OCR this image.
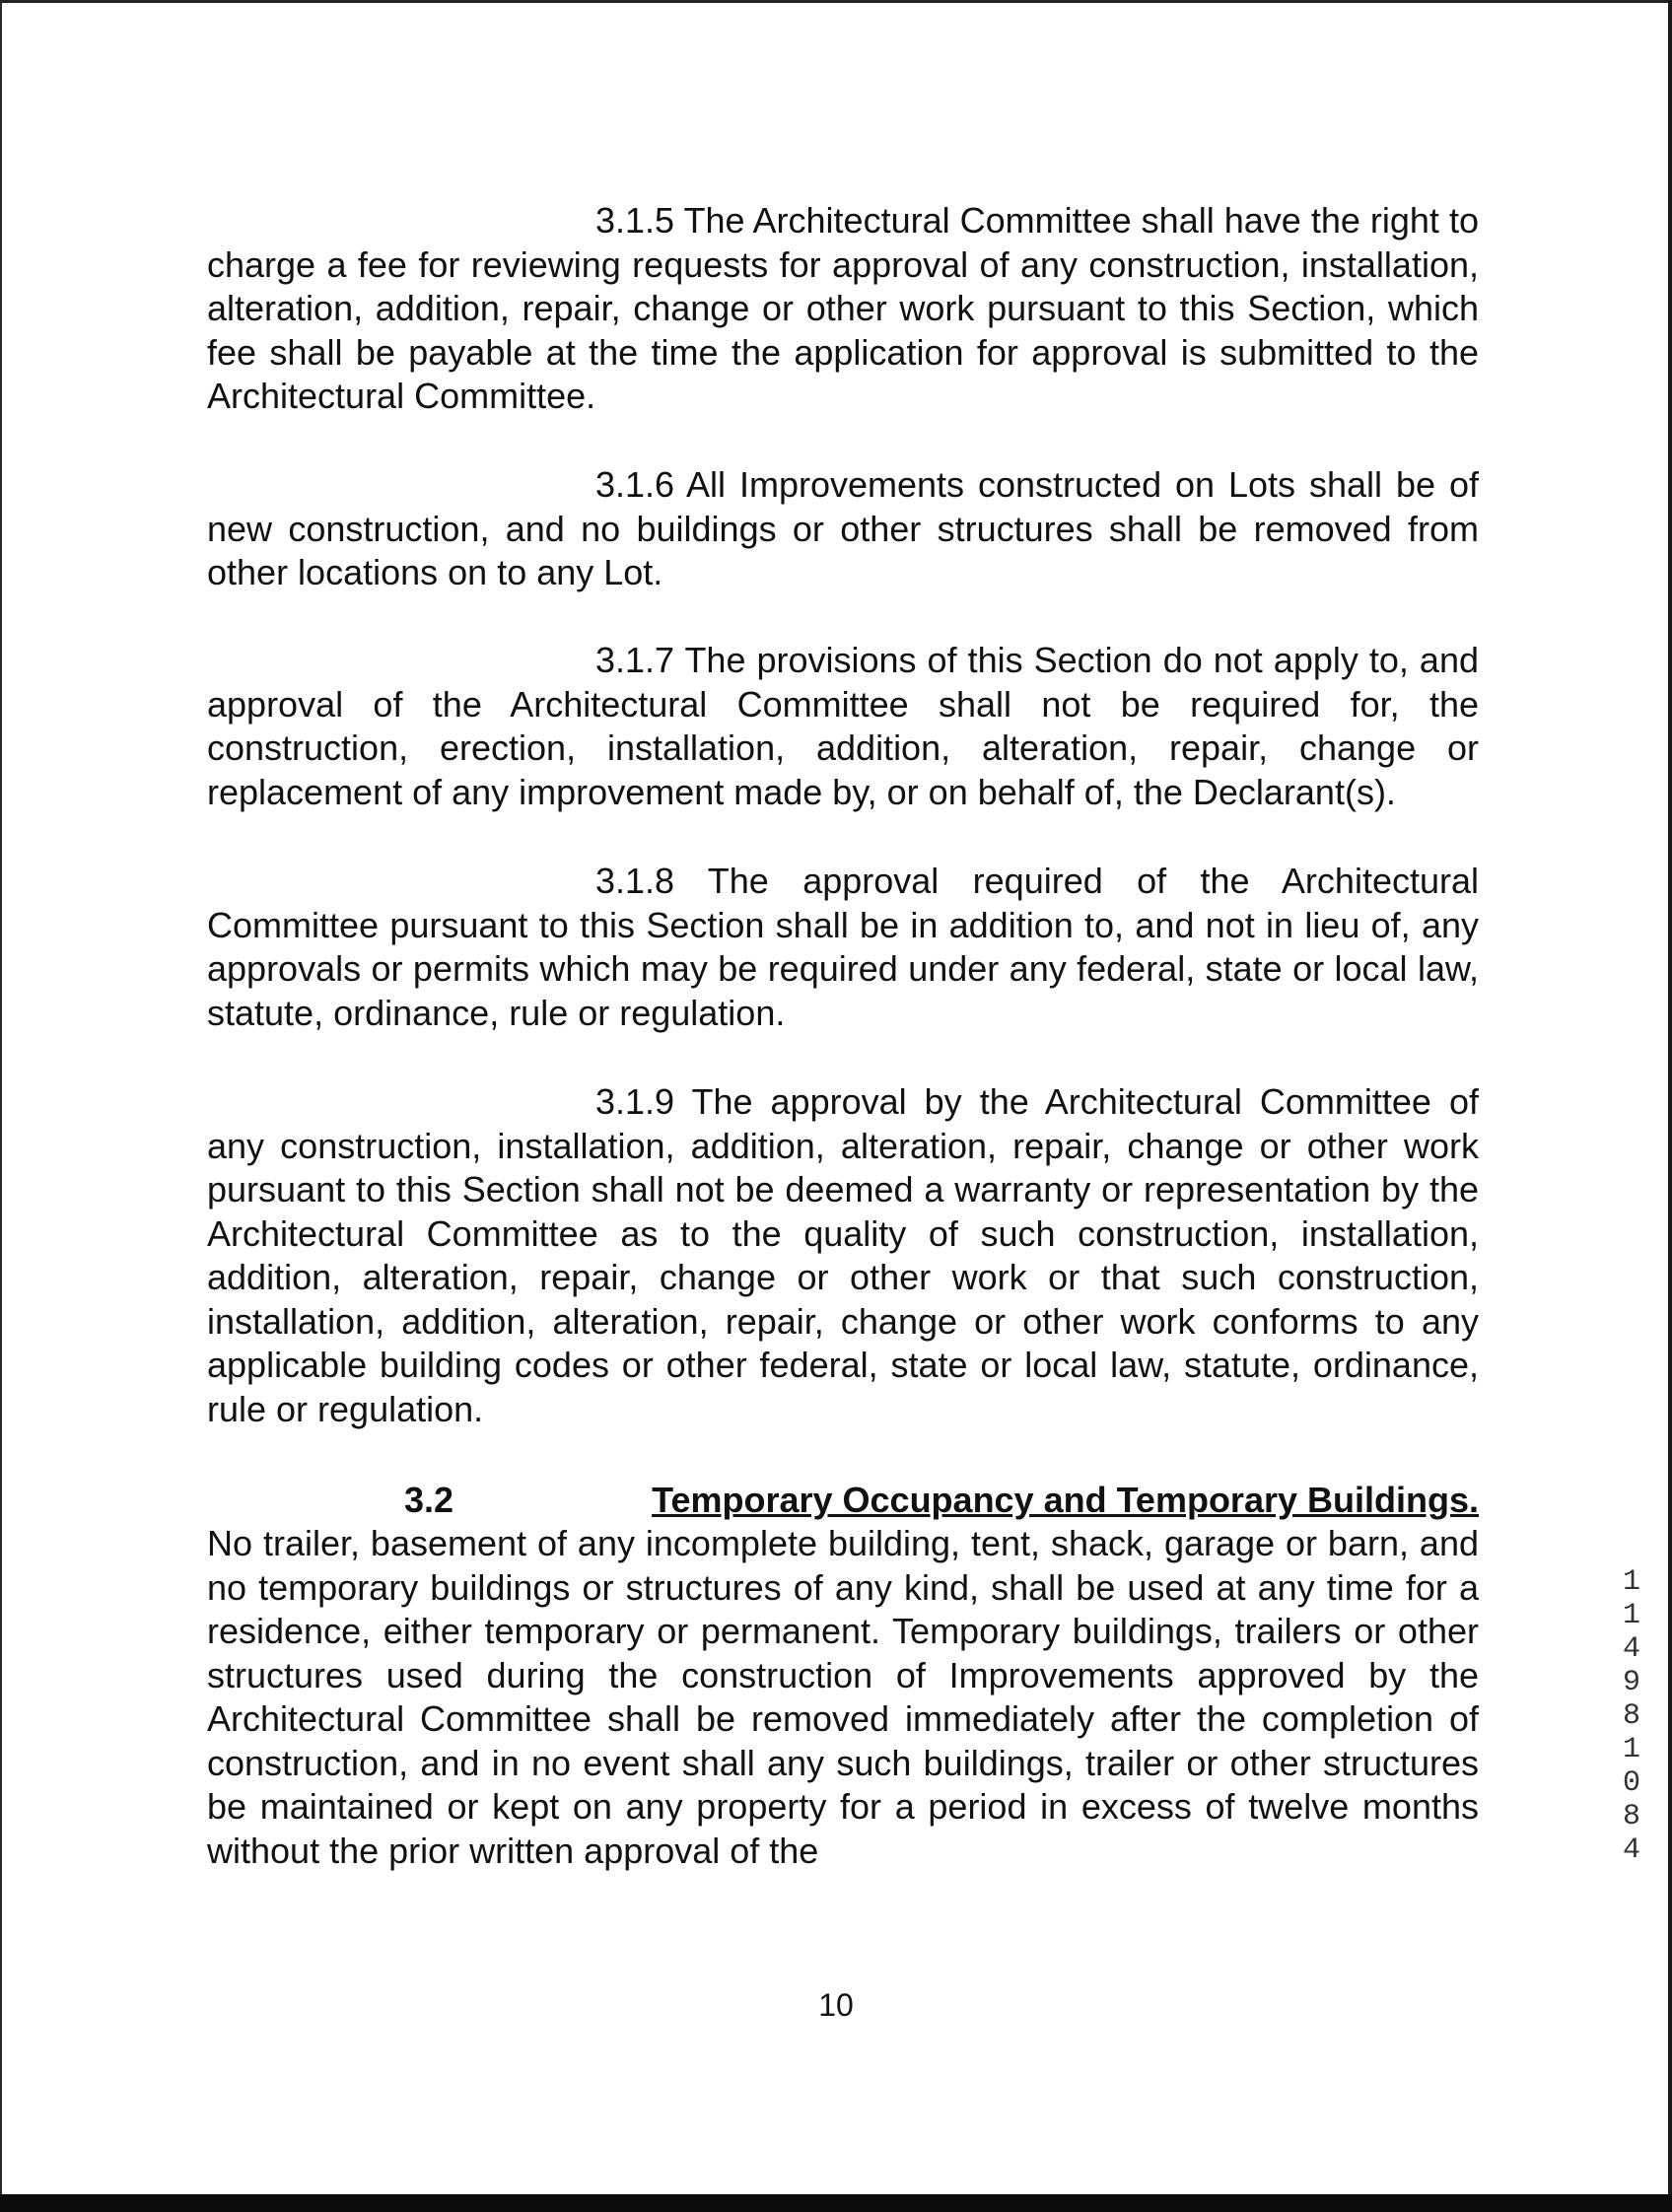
3.1.5 The Architectural Committee shall have the right to charge a fee for reviewing requests for approval of any construction, installation, alteration, addition, repair, change or other work pursuant to this Section, which fee shall be payable at the time the application for approval is submitted to the Architectural Committee.
3.1.6 All Improvements constructed on Lots shall be of new construction, and no buildings or other structures shall be removed from other locations on to any Lot.
3.1.7 The provisions of this Section do not apply to, and approval of the Architectural Committee shall not be required for, the construction, erection, installation, addition, alteration, repair, change or replacement of any improvement made by, or on behalf of, the Declarant(s).
3.1.8 The approval required of the Architectural Committee pursuant to this Section shall be in addition to, and not in lieu of, any approvals or permits which may be required under any federal, state or local law, statute, ordinance, rule or regulation.
3.1.9 The approval by the Architectural Committee of any construction, installation, addition, alteration, repair, change or other work pursuant to this Section shall not be deemed a warranty or representation by the Architectural Committee as to the quality of such construction, installation, addition, alteration, repair, change or other work or that such construction, installation, addition, alteration, repair, change or other work conforms to any applicable building codes or other federal, state or local law, statute, ordinance, rule or regulation.
3.2	Temporary Occupancy and Temporary Buildings.
No trailer, basement of any incomplete building, tent, shack, garage or barn, and no temporary buildings or structures of any kind, shall be used at any time for a residence, either temporary or permanent. Temporary buildings, trailers or other structures used during the construction of Improvements approved by the Architectural Committee shall be removed immediately after the completion of construction, and in no event shall any such buildings, trailer or other structures be maintained or kept on any property for a period in excess of twelve months without the prior written approval of the
10
1
1
4
9
8
1
0
8
4
